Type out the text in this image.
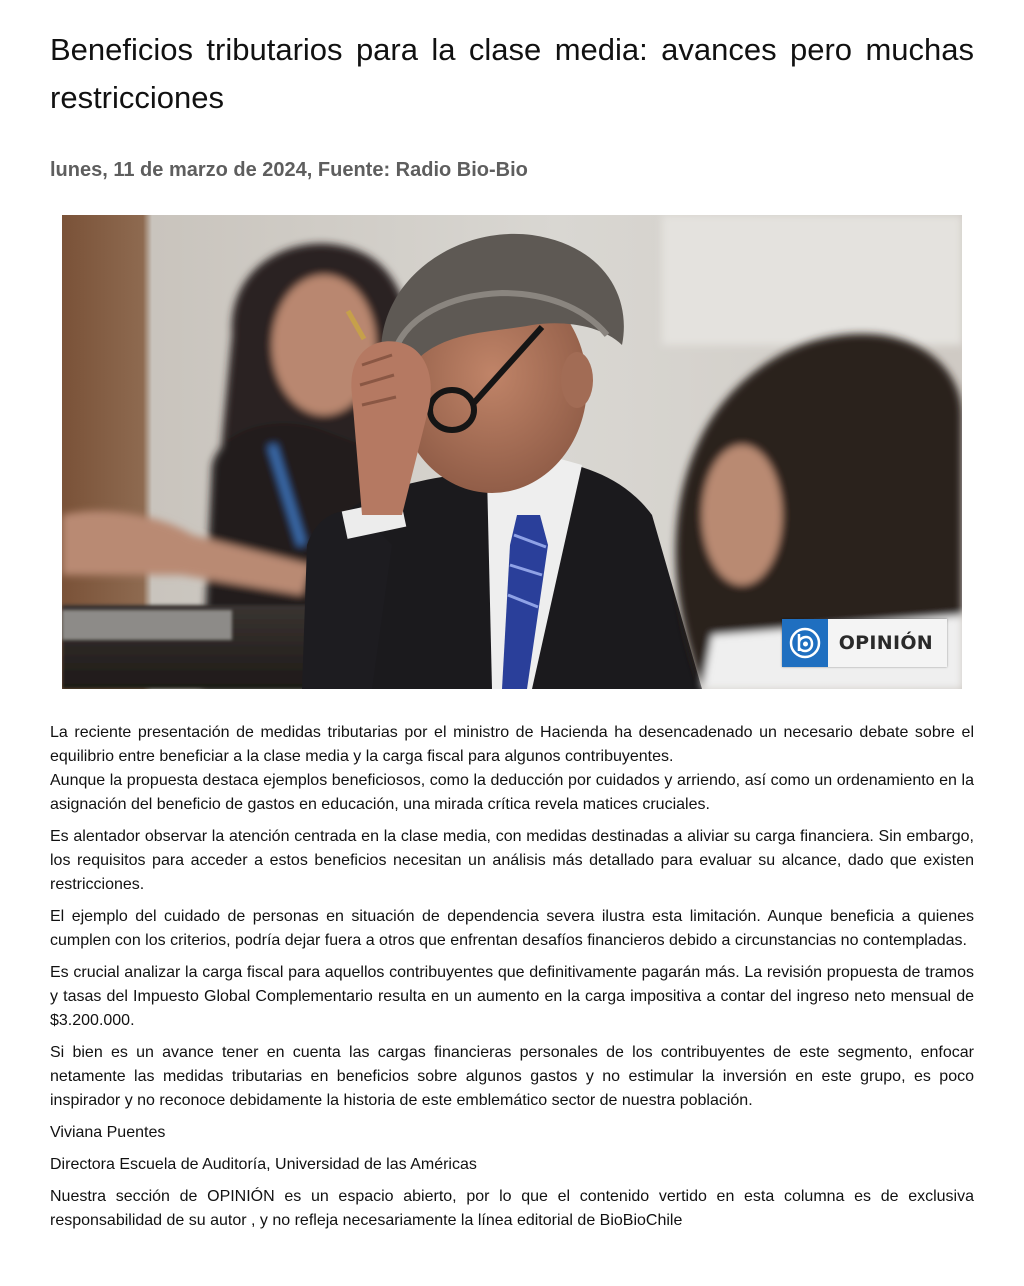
Beneficios tributarios para la clase media: avances pero muchas restricciones
lunes, 11 de marzo de 2024, Fuente: Radio Bio-Bio
OPINIÓN

La reciente presentación de medidas tributarias por el ministro de Hacienda ha desencadenado un necesario debate sobre el equilibrio entre beneficiar a la clase media y la carga fiscal para algunos contribuyentes.

Aunque la propuesta destaca ejemplos beneficiosos, como la deducción por cuidados y arriendo, así como un ordenamiento en la asignación del beneficio de gastos en educación, una mirada crítica revela matices cruciales.

Es alentador observar la atención centrada en la clase media, con medidas destinadas a aliviar su carga financiera. Sin embargo, los requisitos para acceder a estos beneficios necesitan un análisis más detallado para evaluar su alcance, dado que existen restricciones.

El ejemplo del cuidado de personas en situación de dependencia severa ilustra esta limitación. Aunque beneficia a quienes cumplen con los criterios, podría dejar fuera a otros que enfrentan desafíos financieros debido a circunstancias no contempladas.

Es crucial analizar la carga fiscal para aquellos contribuyentes que definitivamente pagarán más. La revisión propuesta de tramos y tasas del Impuesto Global Complementario resulta en un aumento en la carga impositiva a contar del ingreso neto mensual de $3.200.000.

Si bien es un avance tener en cuenta las cargas financieras personales de los contribuyentes de este segmento, enfocar netamente las medidas tributarias en beneficios sobre algunos gastos y no estimular la inversión en este grupo, es poco inspirador y no reconoce debidamente la historia de este emblemático sector de nuestra población.

Viviana Puentes

Directora Escuela de Auditoría, Universidad de las Américas

Nuestra sección de OPINIÓN es un espacio abierto, por lo que el contenido vertido en esta columna es de exclusiva responsabilidad de su autor , y no refleja necesariamente la línea editorial de BioBioChile
